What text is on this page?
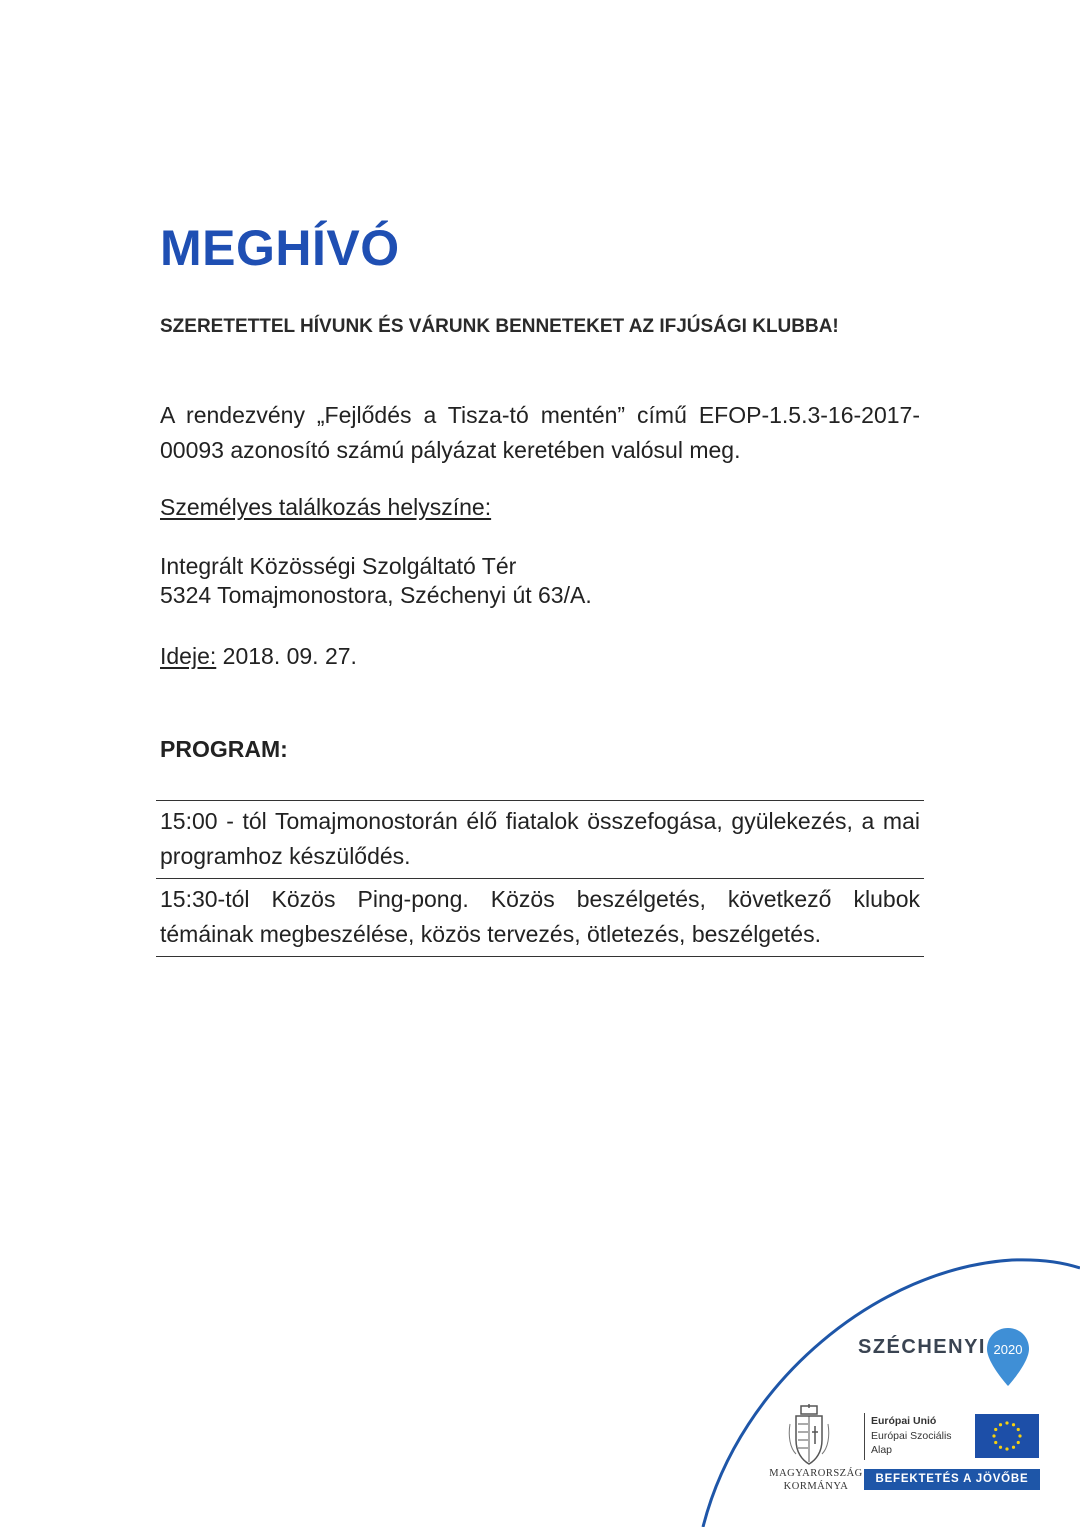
MEGHÍVÓ

SZERETETTEL HÍVUNK ÉS VÁRUNK BENNETEKET AZ IFJÚSÁGI KLUBBA!

A rendezvény „Fejlődés a Tisza-tó mentén” című EFOP-1.5.3-16-2017-00093 azonosító számú pályázat keretében valósul meg.

Személyes találkozás helyszíne:

Integrált Közösségi Szolgáltató Tér
5324 Tomajmonostora, Széchenyi út 63/A.

Ideje: 2018. 09. 27.

PROGRAM:
15:00 - tól Tomajmonostorán élő fiatalok összefogása, gyülekezés, a mai programhoz készülődés.
15:30-tól Közös Ping-pong. Közös beszélgetés, következő klubok témáinak megbeszélése, közös tervezés, ötletezés, beszélgetés.
SZÉCHENYI 2020
MAGYARORSZÁG
KORMÁNYA
Európai Unió
Európai Szociális
Alap
BEFEKTETÉS A JÖVŐBE
